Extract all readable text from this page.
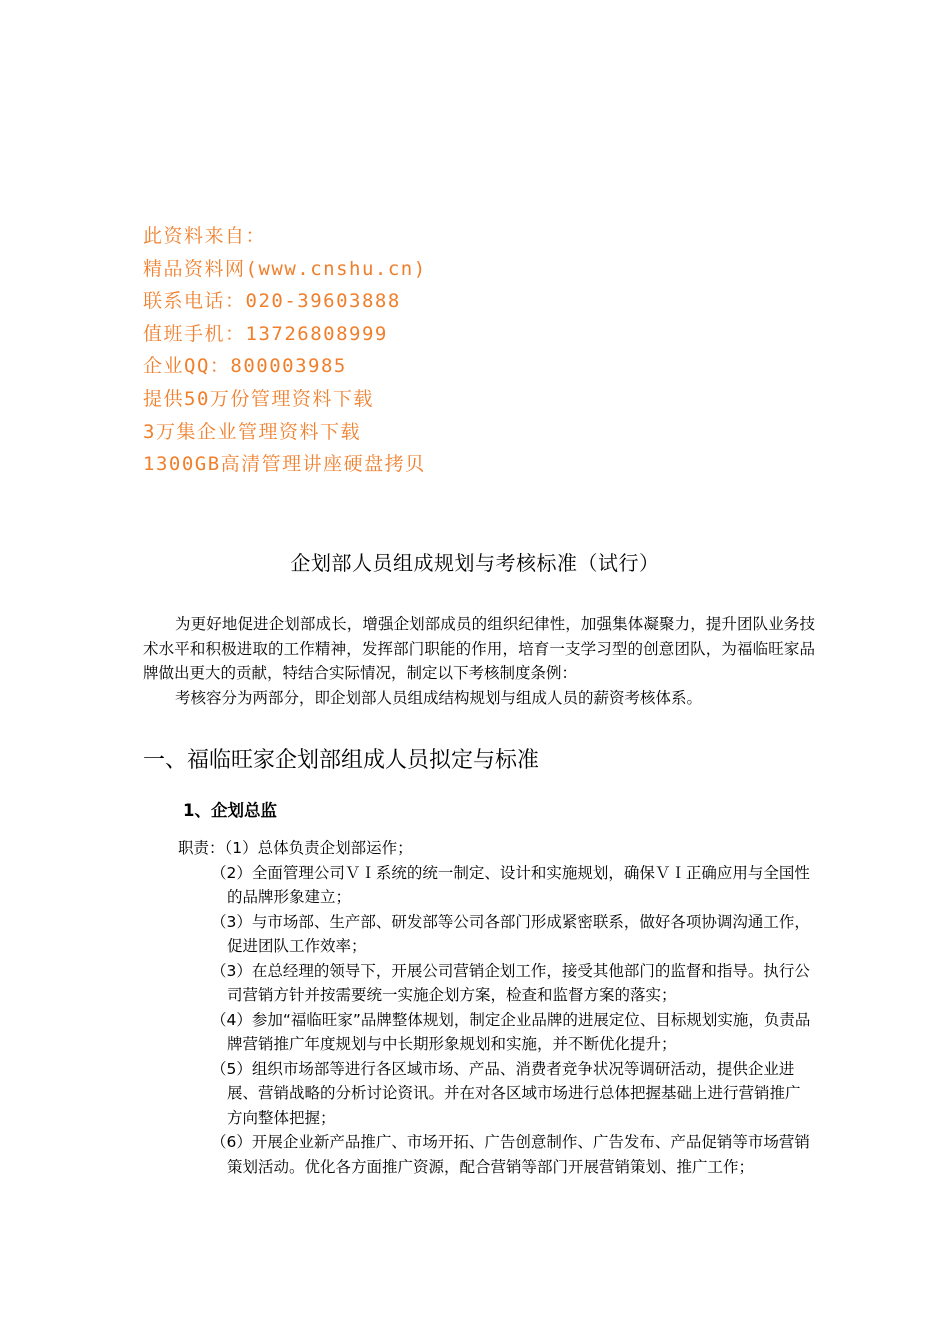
此资料来自：
精品资料网(www.cnshu.cn)
联系电话：020-39603888
值班手机：13726808999
企业QQ：800003985
提供50万份管理资料下载
3万集企业管理资料下载
1300GB高清管理讲座硬盘拷贝
企划部人员组成规划与考核标准（试行）

为更好地促进企划部成长，增强企划部成员的组织纪律性，加强集体凝聚力，提升团队业务技术水平和积极进取的工作精神，发挥部门职能的作用，培育一支学习型的创意团队，为福临旺家品牌做出更大的贡献，特结合实际情况，制定以下考核制度条例：

考核容分为两部分，即企划部人员组成结构规划与组成人员的薪资考核体系。

一、福临旺家企划部组成人员拟定与标准
1、企划总监

职责：（1）总体负责企划部运作；

（2）全面管理公司ＶＩ系统的统一制定、设计和实施规划，确保ＶＩ正确应用与全国性的品牌形象建立；

（3）与市场部、生产部、研发部等公司各部门形成紧密联系，做好各项协调沟通工作，促进团队工作效率；

（3）在总经理的领导下，开展公司营销企划工作，接受其他部门的监督和指导。执行公司营销方针并按需要统一实施企划方案，检查和监督方案的落实；

（4）参加“福临旺家”品牌整体规划，制定企业品牌的进展定位、目标规划实施，负责品牌营销推广年度规划与中长期形象规划和实施，并不断优化提升；

（5）组织市场部等进行各区域市场、产品、消费者竞争状况等调研活动，提供企业进展、营销战略的分析讨论资讯。并在对各区域市场进行总体把握基础上进行营销推广方向整体把握；

（6）开展企业新产品推广、市场开拓、广告创意制作、广告发布、产品促销等市场营销策划活动。优化各方面推广资源，配合营销等部门开展营销策划、推广工作；
